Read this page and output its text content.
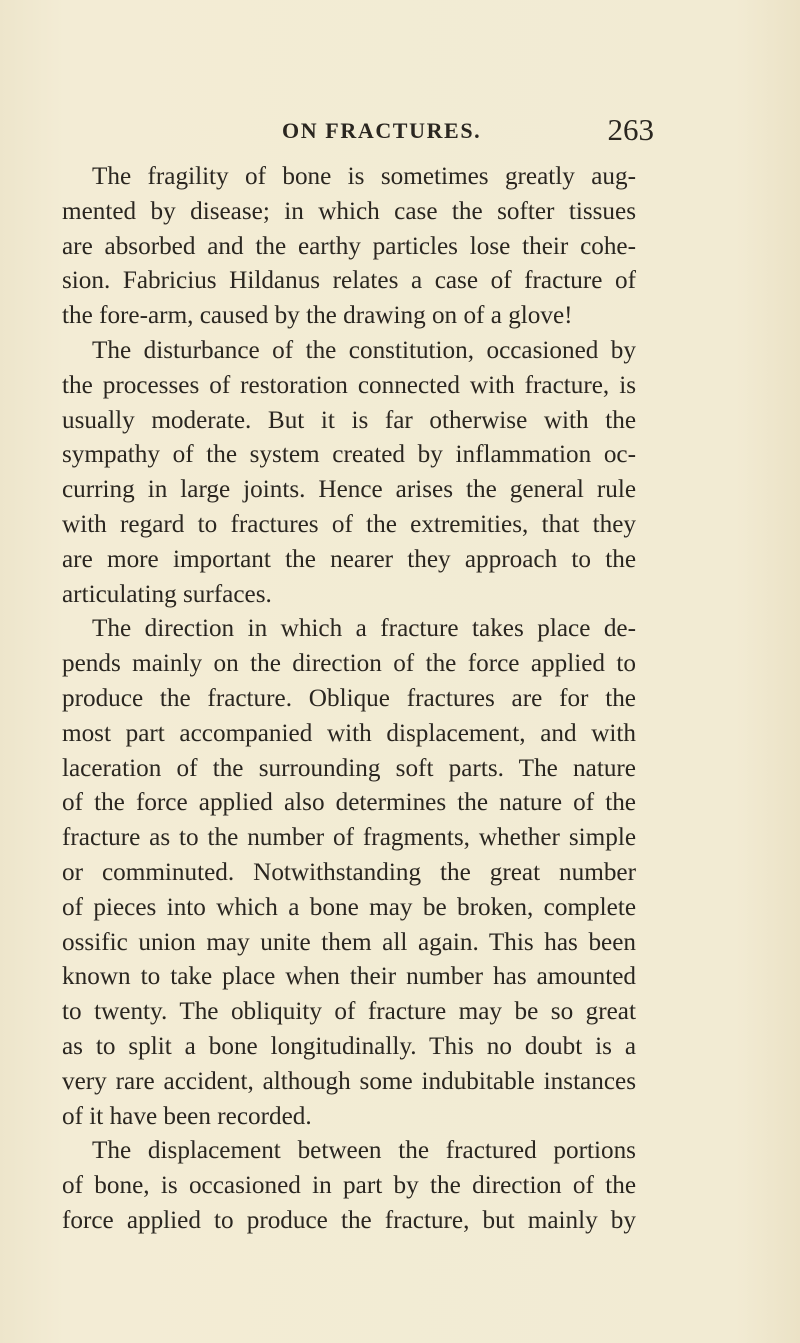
ON FRACTURES.	263
The fragility of bone is sometimes greatly aug-
mented by disease; in which case the softer tissues
are absorbed and the earthy particles lose their cohe-
sion. Fabricius Hildanus relates a case of fracture of
the fore-arm, caused by the drawing on of a glove!
The disturbance of the constitution, occasioned by
the processes of restoration connected with fracture, is
usually moderate. But it is far otherwise with the
sympathy of the system created by inflammation oc-
curring in large joints. Hence arises the general rule
with regard to fractures of the extremities, that they
are more important the nearer they approach to the
articulating surfaces.
The direction in which a fracture takes place de-
pends mainly on the direction of the force applied to
produce the fracture. Oblique fractures are for the
most part accompanied with displacement, and with
laceration of the surrounding soft parts. The nature
of the force applied also determines the nature of the
fracture as to the number of fragments, whether simple
or comminuted. Notwithstanding the great number
of pieces into which a bone may be broken, complete
ossific union may unite them all again. This has been
known to take place when their number has amounted
to twenty. The obliquity of fracture may be so great
as to split a bone longitudinally. This no doubt is a
very rare accident, although some indubitable instances
of it have been recorded.
The displacement between the fractured portions
of bone, is occasioned in part by the direction of the
force applied to produce the fracture, but mainly by
